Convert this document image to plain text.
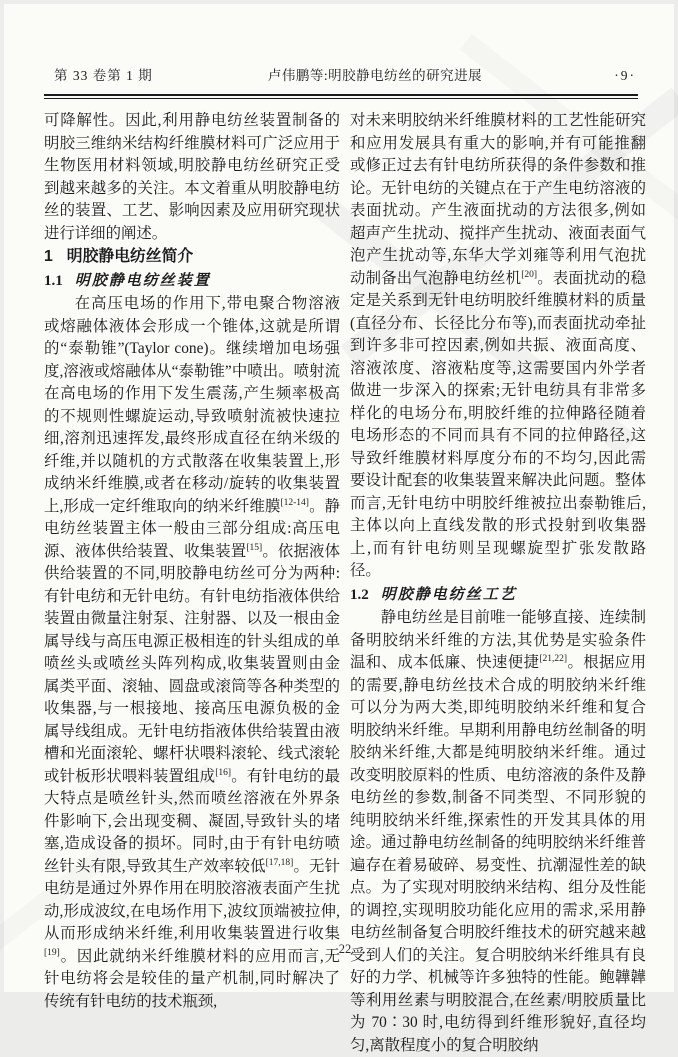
第 33 卷第 1 期	卢伟鹏等:明胶静电纺丝的研究进展	·9·

可降解性。因此,利用静电纺丝装置制备的明胶三维纳米结构纤维膜材料可广泛应用于生物医用材料领域,明胶静电纺丝研究正受到越来越多的关注。本文着重从明胶静电纺丝的装置、工艺、影响因素及应用研究现状进行详细的阐述。

1 明胶静电纺丝简介
1.1 明胶静电纺丝装置

在高压电场的作用下,带电聚合物溶液或熔融体液体会形成一个锥体,这就是所谓的“泰勒锥”(Taylor cone)。继续增加电场强度,溶液或熔融体从“泰勒锥”中喷出。喷射流在高电场的作用下发生震荡,产生频率极高的不规则性螺旋运动,导致喷射流被快速拉细,溶剂迅速挥发,最终形成直径在纳米级的纤维,并以随机的方式散落在收集装置上,形成纳米纤维膜,或者在移动/旋转的收集装置上,形成一定纤维取向的纳米纤维膜[12-14]。静电纺丝装置主体一般由三部分组成:高压电源、液体供给装置、收集装置[15]。依据液体供给装置的不同,明胶静电纺丝可分为两种:有针电纺和无针电纺。有针电纺指液体供给装置由微量注射泵、注射器、以及一根由金属导线与高压电源正极相连的针头组成的单喷丝头或喷丝头阵列构成,收集装置则由金属类平面、滚轴、圆盘或滚筒等各种类型的收集器,与一根接地、接高压电源负极的金属导线组成。无针电纺指液体供给装置由液槽和光面滚轮、螺杆状喂料滚轮、线式滚轮或针板形状喂料装置组成[16]。有针电纺的最大特点是喷丝针头,然而喷丝溶液在外界条件影响下,会出现变稠、凝固,导致针头的堵塞,造成设备的损坏。同时,由于有针电纺喷丝针头有限,导致其生产效率较低[17,18]。无针电纺是通过外界作用在明胶溶液表面产生扰动,形成波纹,在电场作用下,波纹顶端被拉伸,从而形成纳米纤维,利用收集装置进行收集[19]。因此就纳米纤维膜材料的应用而言,无针电纺将会是较佳的量产机制,同时解决了传统有针电纺的技术瓶颈,

对未来明胶纳米纤维膜材料的工艺性能研究和应用发展具有重大的影响,并有可能推翻或修正过去有针电纺所获得的条件参数和推论。无针电纺的关键点在于产生电纺溶液的表面扰动。产生液面扰动的方法很多,例如超声产生扰动、搅拌产生扰动、液面表面气泡产生扰动等,东华大学刘雍等利用气泡扰动制备出气泡静电纺丝机[20]。表面扰动的稳定是关系到无针电纺明胶纤维膜材料的质量(直径分布、长径比分布等),而表面扰动牵扯到许多非可控因素,例如共振、液面高度、溶液浓度、溶液粘度等,这需要国内外学者做进一步深入的探索;无针电纺具有非常多样化的电场分布,明胶纤维的拉伸路径随着电场形态的不同而具有不同的拉伸路径,这导致纤维膜材料厚度分布的不均匀,因此需要设计配套的收集装置来解决此问题。整体而言,无针电纺中明胶纤维被拉出泰勒锥后,主体以向上直线发散的形式投射到收集器上,而有针电纺则呈现螺旋型扩张发散路径。

1.2 明胶静电纺丝工艺

静电纺丝是目前唯一能够直接、连续制备明胶纳米纤维的方法,其优势是实验条件温和、成本低廉、快速便捷[21,22]。根据应用的需要,静电纺丝技术合成的明胶纳米纤维可以分为两大类,即纯明胶纳米纤维和复合明胶纳米纤维。早期利用静电纺丝制备的明胶纳米纤维,大都是纯明胶纳米纤维。通过改变明胶原料的性质、电纺溶液的条件及静电纺丝的参数,制备不同类型、不同形貌的纯明胶纳米纤维,探索性的开发其具体的用途。通过静电纺丝制备的纯明胶纳米纤维普遍存在着易破碎、易变性、抗潮湿性差的缺点。为了实现对明胶纳米结构、组分及性能的调控,实现明胶功能化应用的需求,采用静电纺丝制备复合明胶纤维技术的研究越来越受到人们的关注。复合明胶纳米纤维具有良好的力学、机械等许多独特的性能。鲍韡韡等利用丝素与明胶混合,在丝素/明胶质量比为 70∶30 时,电纺得到纤维形貌好,直径均匀,离散程度小的复合明胶纳

22
